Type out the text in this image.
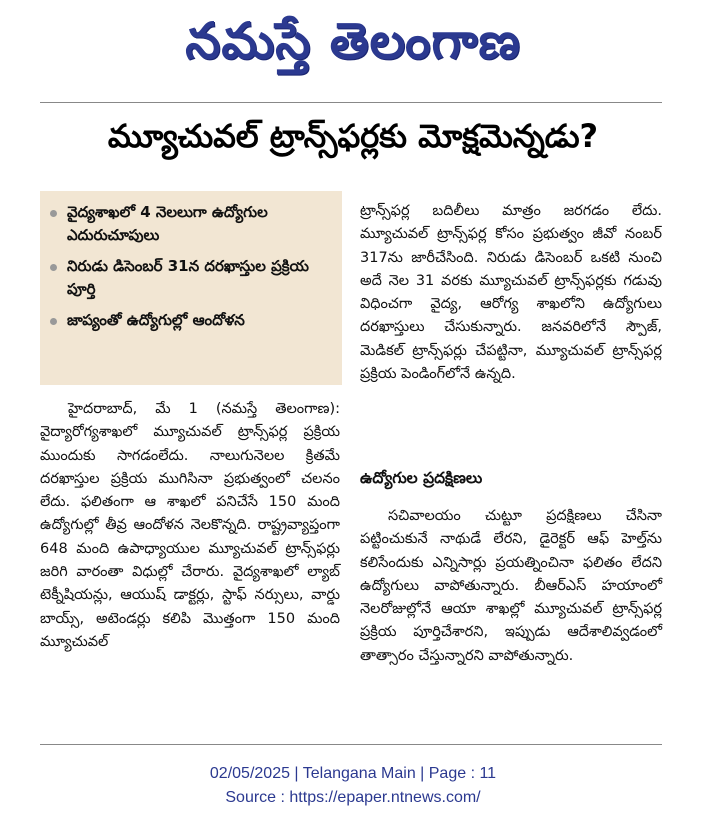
నమస్తే తెలంగాణ
మ్యూచువల్ ట్రాన్స్‌ఫర్లకు మోక్షమెన్నడు?
వైద్యశాఖలో 4 నెలలుగా ఉద్యోగుల ఎదురుచూపులు
నిరుడు డిసెంబర్ 31న దరఖాస్తుల ప్రక్రియ పూర్తి
జాప్యంతో ఉద్యోగుల్లో ఆందోళన

హైదరాబాద్, మే 1 (నమస్తే తెలంగాణ): వైద్యారోగ్యశాఖలో మ్యూచువల్ ట్రాన్స్‌ఫర్ల ప్రక్రియ ముందుకు సాగడంలేదు. నాలుగునెలల క్రితమే దరఖాస్తుల ప్రక్రియ ముగిసినా ప్రభుత్వంలో చలనం లేదు. ఫలితంగా ఆ శాఖలో పనిచేసే 150 మంది ఉద్యోగుల్లో తీవ్ర ఆందోళన నెలకొన్నది. రాష్ట్రవ్యాప్తంగా 648 మంది ఉపాధ్యాయుల మ్యూచువల్ ట్రాన్స్‌ఫర్లు జరిగి వారంతా విధుల్లో చేరారు. వైద్యశాఖలో ల్యాబ్ టెక్నీషియన్లు, ఆయుష్ డాక్టర్లు, స్టాఫ్ నర్సులు, వార్డు బాయ్స్, అటెండర్లు కలిపి మొత్తంగా 150 మంది మ్యూచువల్

ట్రాన్స్‌ఫర్ల బదిలీలు మాత్రం జరగడం లేదు. మ్యూచువల్ ట్రాన్స్‌ఫర్ల కోసం ప్రభుత్వం జీవో నంబర్ 317ను జారీచేసింది. నిరుడు డిసెంబర్ ఒకటి నుంచి అదే నెల 31 వరకు మ్యూచువల్ ట్రాన్స్‌ఫర్లకు గడువు విధించగా వైద్య, ఆరోగ్య శాఖలోని ఉద్యోగులు దరఖాస్తులు చేసుకున్నారు. జనవరిలోనే స్పౌజ్, మెడికల్ ట్రాన్స్‌ఫర్లు చేపట్టినా, మ్యూచువల్ ట్రాన్స్‌ఫర్ల ప్రక్రియ పెండింగ్‌లోనే ఉన్నది.

ఉద్యోగుల ప్రదక్షిణలు

సచివాలయం చుట్టూ ప్రదక్షిణలు చేసినా పట్టించుకునే నాథుడే లేరని, డైరెక్టర్ ఆఫ్ హెల్త్‌ను కలిసేందుకు ఎన్నిసార్లు ప్రయత్నించినా ఫలితం లేదని ఉద్యోగులు వాపోతున్నారు. బీఆర్‌ఎస్ హయాంలో నెలరోజుల్లోనే ఆయా శాఖల్లో మ్యూచువల్ ట్రాన్స్‌ఫర్ల ప్రక్రియ పూర్తిచేశారని, ఇప్పుడు ఆదేశాలివ్వడంలో తాత్సారం చేస్తున్నారని వాపోతున్నారు.

02/05/2025 | Telangana Main | Page : 11
Source : https://epaper.ntnews.com/
